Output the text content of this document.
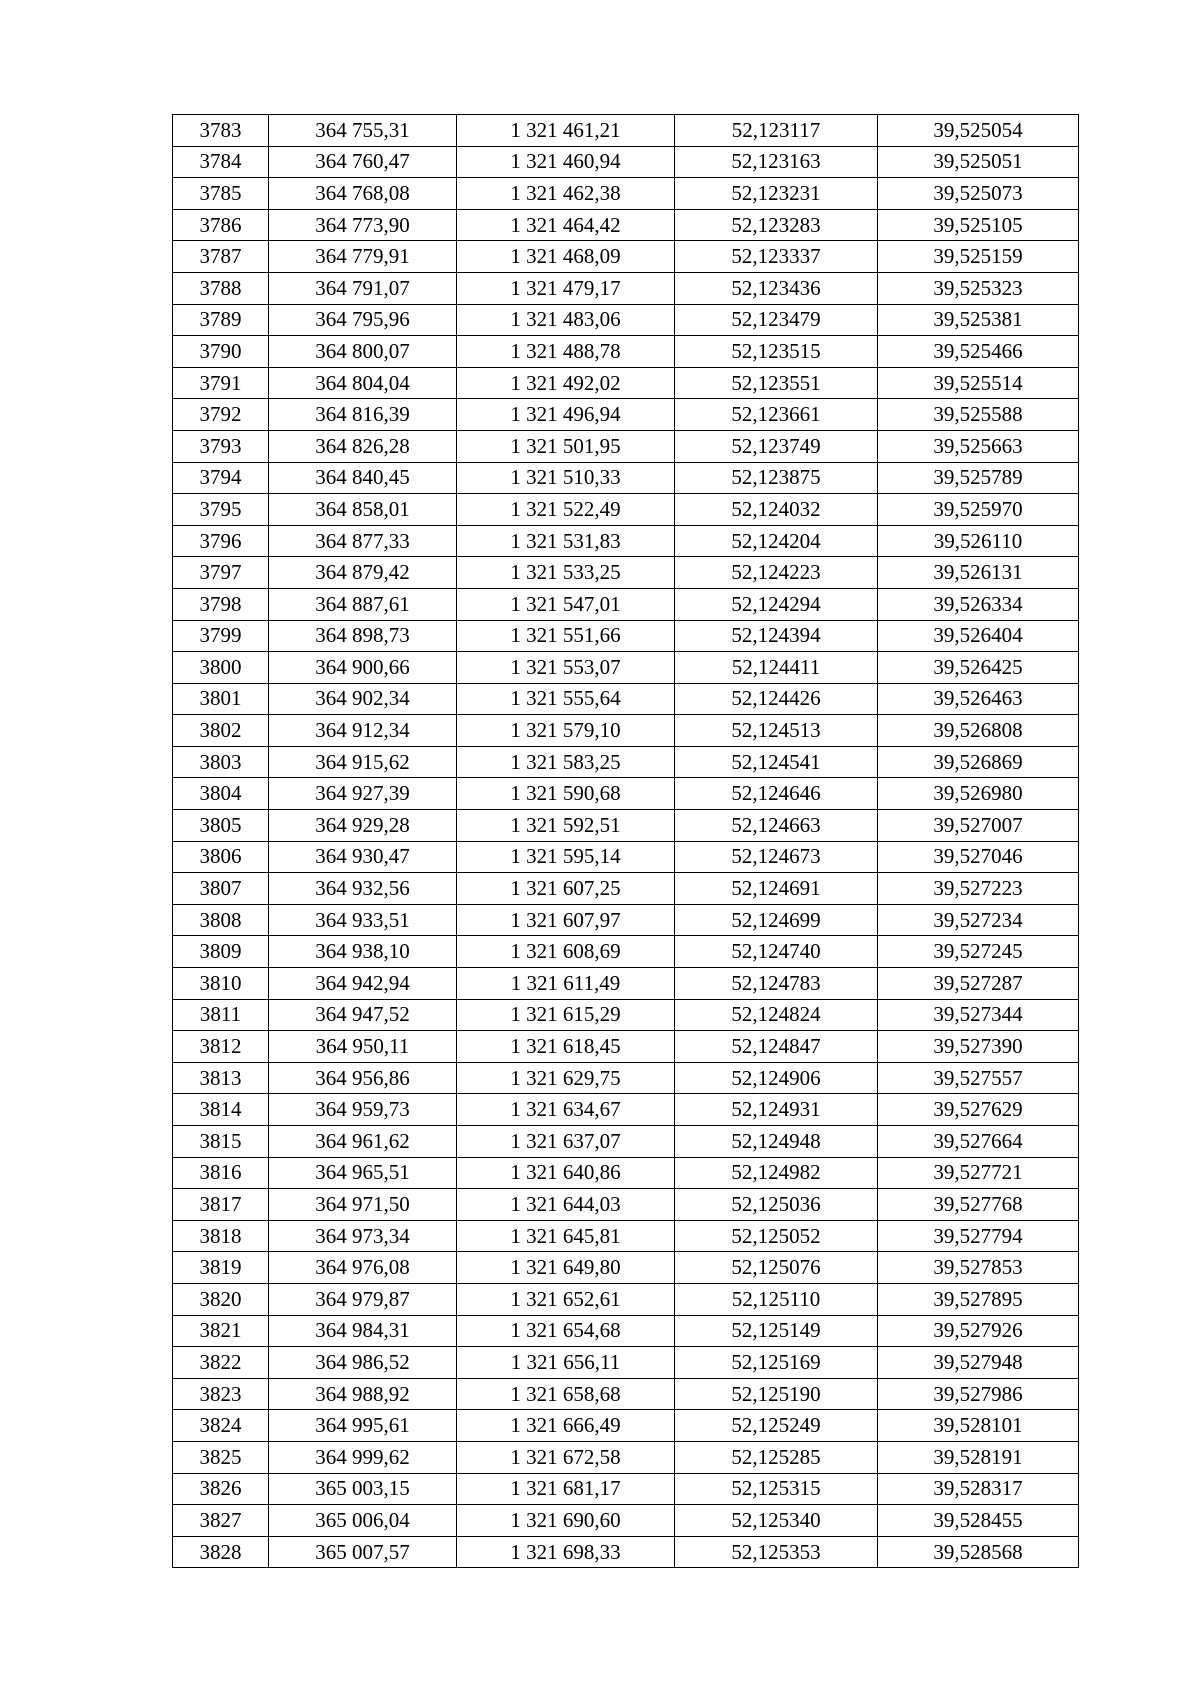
3783	364 755,31	1 321 461,21	52,123117	39,525054
3784	364 760,47	1 321 460,94	52,123163	39,525051
3785	364 768,08	1 321 462,38	52,123231	39,525073
3786	364 773,90	1 321 464,42	52,123283	39,525105
3787	364 779,91	1 321 468,09	52,123337	39,525159
3788	364 791,07	1 321 479,17	52,123436	39,525323
3789	364 795,96	1 321 483,06	52,123479	39,525381
3790	364 800,07	1 321 488,78	52,123515	39,525466
3791	364 804,04	1 321 492,02	52,123551	39,525514
3792	364 816,39	1 321 496,94	52,123661	39,525588
3793	364 826,28	1 321 501,95	52,123749	39,525663
3794	364 840,45	1 321 510,33	52,123875	39,525789
3795	364 858,01	1 321 522,49	52,124032	39,525970
3796	364 877,33	1 321 531,83	52,124204	39,526110
3797	364 879,42	1 321 533,25	52,124223	39,526131
3798	364 887,61	1 321 547,01	52,124294	39,526334
3799	364 898,73	1 321 551,66	52,124394	39,526404
3800	364 900,66	1 321 553,07	52,124411	39,526425
3801	364 902,34	1 321 555,64	52,124426	39,526463
3802	364 912,34	1 321 579,10	52,124513	39,526808
3803	364 915,62	1 321 583,25	52,124541	39,526869
3804	364 927,39	1 321 590,68	52,124646	39,526980
3805	364 929,28	1 321 592,51	52,124663	39,527007
3806	364 930,47	1 321 595,14	52,124673	39,527046
3807	364 932,56	1 321 607,25	52,124691	39,527223
3808	364 933,51	1 321 607,97	52,124699	39,527234
3809	364 938,10	1 321 608,69	52,124740	39,527245
3810	364 942,94	1 321 611,49	52,124783	39,527287
3811	364 947,52	1 321 615,29	52,124824	39,527344
3812	364 950,11	1 321 618,45	52,124847	39,527390
3813	364 956,86	1 321 629,75	52,124906	39,527557
3814	364 959,73	1 321 634,67	52,124931	39,527629
3815	364 961,62	1 321 637,07	52,124948	39,527664
3816	364 965,51	1 321 640,86	52,124982	39,527721
3817	364 971,50	1 321 644,03	52,125036	39,527768
3818	364 973,34	1 321 645,81	52,125052	39,527794
3819	364 976,08	1 321 649,80	52,125076	39,527853
3820	364 979,87	1 321 652,61	52,125110	39,527895
3821	364 984,31	1 321 654,68	52,125149	39,527926
3822	364 986,52	1 321 656,11	52,125169	39,527948
3823	364 988,92	1 321 658,68	52,125190	39,527986
3824	364 995,61	1 321 666,49	52,125249	39,528101
3825	364 999,62	1 321 672,58	52,125285	39,528191
3826	365 003,15	1 321 681,17	52,125315	39,528317
3827	365 006,04	1 321 690,60	52,125340	39,528455
3828	365 007,57	1 321 698,33	52,125353	39,528568
